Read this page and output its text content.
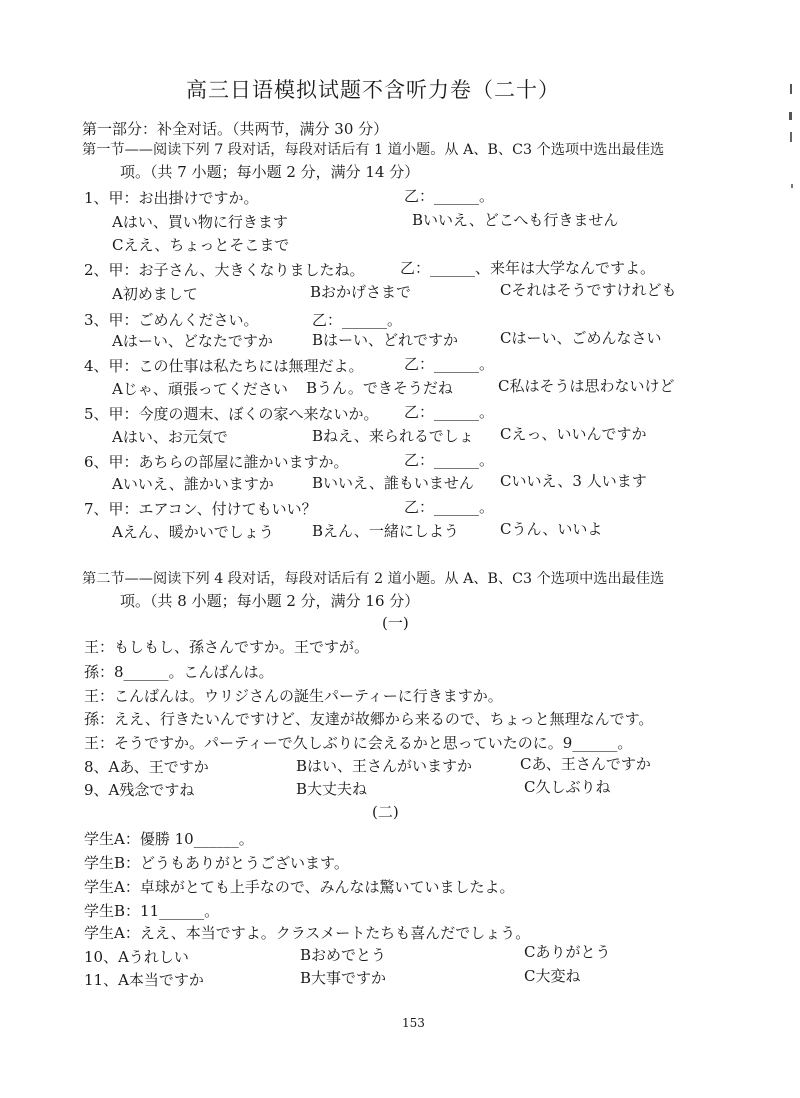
高三日语模拟试题不含听力卷（二十）
第一部分：补全对话。（共两节，满分 30 分）
第一节——阅读下列 7 段对话，每段对话后有 1 道小题。从 A、B、C3 个选项中选出最佳选
项。（共 7 小题；每小题 2 分，满分 14 分）
1、甲：お出掛けですか。	乙：______。
Aはい、買い物に行きます	Bいいえ、どこへも行きません
Cええ、ちょっとそこまで
2、甲：お子さん、大きくなりましたね。 乙：______、来年は大学なんですよ。
A初めまして	Bおかげさまで	Cそれはそうですけれども
3、甲：ごめんください。	乙：______。
Aはーい、どなたですか	Bはーい、どれですか	Cはーい、ごめんなさい
4、甲：この仕事は私たちには無理だよ。	乙：______。
Aじゃ、頑張ってください Bうん。できそうだね	C私はそうは思わないけど
5、甲：今度の週末、ぼくの家へ来ないか。 乙：______。
Aはい、お元気で	Bねえ、来られるでしょ Cえっ、いいんですか
6、甲：あちらの部屋に誰かいますか。	乙：______。
Aいいえ、誰かいますか	Bいいえ、誰もいません Cいいえ、3 人います
7、甲：エアコン、付けてもいい？	乙：______。
Aえん、暖かいでしょう	Bえん、一緒にしよう	Cうん、いいよ
第二节——阅读下列 4 段对话，每段对话后有 2 道小题。从 A、B、C3 个选项中选出最佳选
项。（共 8 小题；每小题 2 分，满分 16 分）
(一)
王：もしもし、孫さんですか。王ですが。
孫：8______。こんばんは。
王：こんばんは。ウリジさんの誕生パーティーに行きますか。
孫：ええ、行きたいんですけど、友達が故郷から来るので、ちょっと無理なんです。
王：そうですか。パーティーで久しぶりに会えるかと思っていたのに。9______。
8、Aあ、王ですか	Bはい、王さんがいますか	Cあ、王さんですか
9、A残念ですね	B大丈夫ね	C久しぶりね
(二)
学生A：優勝 10______。
学生B：どうもありがとうございます。
学生A：卓球がとても上手なので、みんなは驚いていましたよ。
学生B：11______。
学生A：ええ、本当ですよ。クラスメートたちも喜んだでしょう。
10、Aうれしい	Bおめでとう	Cありがとう
11、A本当ですか	B大事ですか	C大変ね
153
